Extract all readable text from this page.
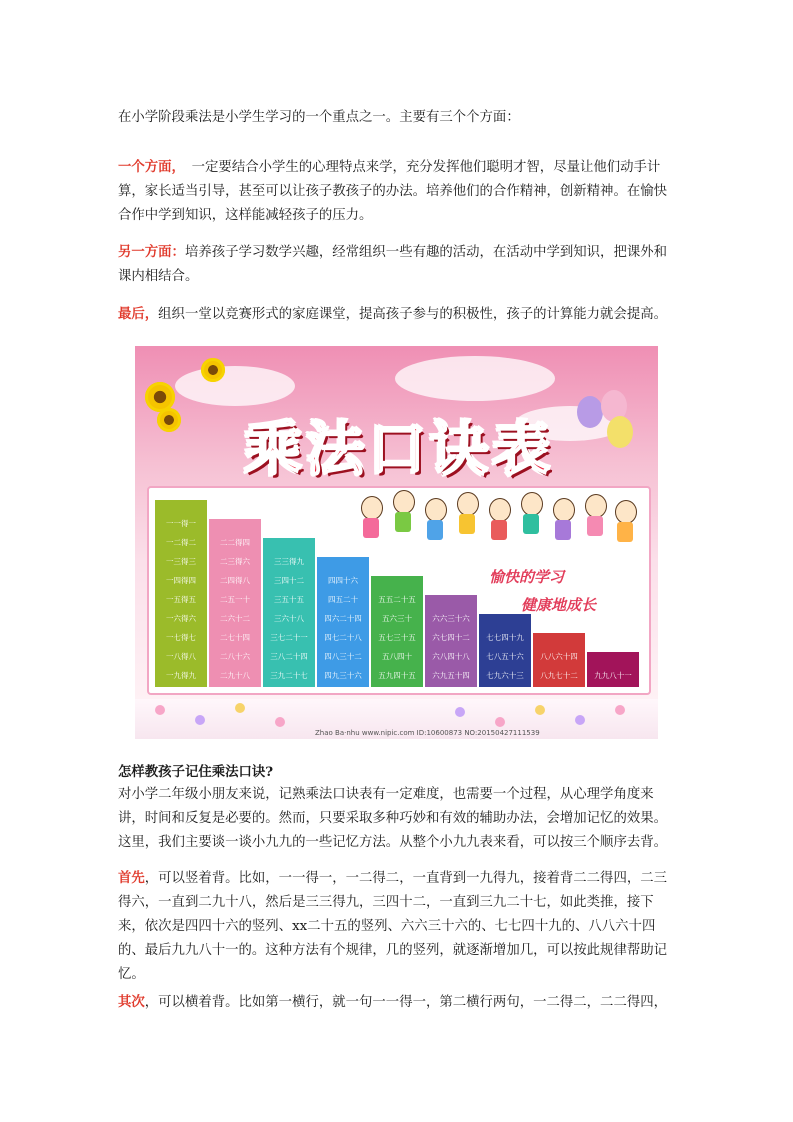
在小学阶段乘法是小学生学习的一个重点之一。主要有三个个方面：

一个方面，　一定要结合小学生的心理特点来学，充分发挥他们聪明才智，尽量让他们动手计算，家长适当引导，甚至可以让孩子教孩子的办法。培养他们的合作精神，创新精神。在愉快合作中学到知识，这样能减轻孩子的压力。

另一方面：培养孩子学习数学兴趣，经常组织一些有趣的活动，在活动中学到知识，把课外和课内相结合。

最后，组织一堂以竞赛形式的家庭课堂，提高孩子参与的积极性，孩子的计算能力就会提高。

乘法口诀表
一一得一
一二得二
一三得三
一四得四
一五得五
一六得六
一七得七
一八得八
一九得九
二二得四
二三得六
二四得八
二五一十
二六十二
二七十四
二八十六
二九十八
三三得九
三四十二
三五十五
三六十八
三七二十一
三八二十四
三九二十七
四四十六
四五二十
四六二十四
四七二十八
四八三十二
四九三十六
五五二十五
五六三十
五七三十五
五八四十
五九四十五
六六三十六
六七四十二
六八四十八
六九五十四
七七四十九
七八五十六
七九六十三
八八六十四
八九七十二	九九八十一
愉快的学习
健康地成长
Zhao Ba·nhu www.nipic.com ID:10600873 NO:20150427111539

怎样教孩子记住乘法口诀?

对小学二年级小朋友来说，记熟乘法口诀表有一定难度，也需要一个过程，从心理学角度来讲，时间和反复是必要的。然而，只要采取多种巧妙和有效的辅助办法，会增加记忆的效果。这里，我们主要谈一谈小九九的一些记忆方法。从整个小九九表来看，可以按三个顺序去背。

首先，可以竖着背。比如，一一得一，一二得二，一直背到一九得九，接着背二二得四，二三得六，一直到二九十八，然后是三三得九，三四十二，一直到三九二十七，如此类推，接下来，依次是四四十六的竖列、xx二十五的竖列、六六三十六的、七七四十九的、八八六十四的、最后九九八十一的。这种方法有个规律，几的竖列，就逐渐增加几，可以按此规律帮助记忆。

其次，可以横着背。比如第一横行，就一句一一得一，第二横行两句，一二得二，二二得四，
